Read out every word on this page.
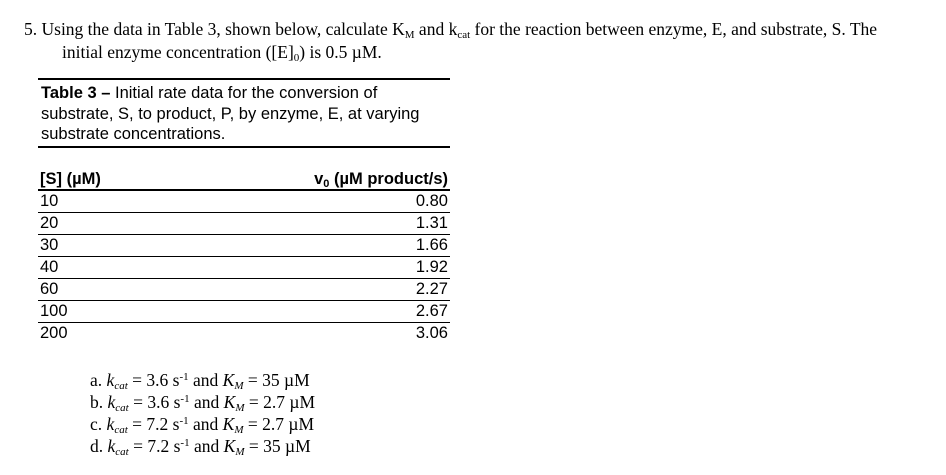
5. Using the data in Table 3, shown below, calculate $K_M$ and $k_{cat}$ for the reaction between enzyme, E, and substrate, S. The
initial enzyme concentration $([E]_0)$ is 0.5 µM.
Table 3 – Initial rate data for the conversion of substrate, S, to product, P, by enzyme, E, at varying substrate concentrations.
[S] (µM)	$v_0$ (µM product/s)
10	0.80
20	1.31
30	1.66
40	1.92
60	2.27
100	2.67
200	3.06
a. $k_{cat} = 3.6$ $s^{-1}$ and $K_M = 35$ µM
b. $k_{cat} = 3.6$ $s^{-1}$ and $K_M = 2.7$ µM
c. $k_{cat} = 7.2$ $s^{-1}$ and $K_M = 2.7$ µM
d. $k_{cat} = 7.2$ $s^{-1}$ and $K_M = 35$ µM
